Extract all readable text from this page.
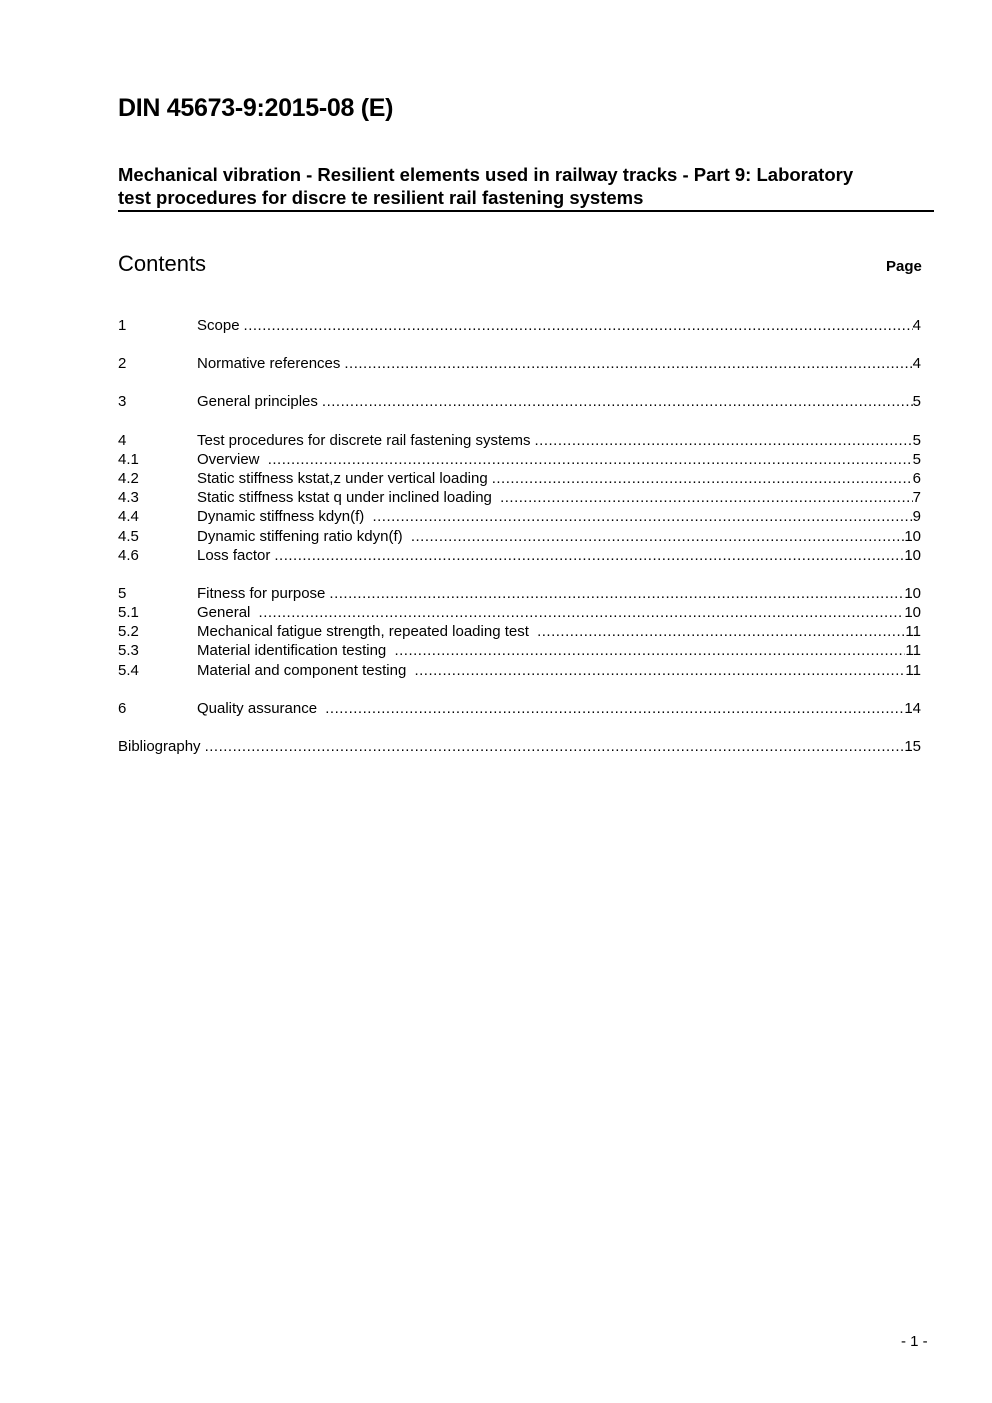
DIN 45673-9:2015-08 (E)

Mechanical vibration - Resilient elements used in railway tracks - Part 9: Laboratory
test procedures for discre te resilient rail fastening systems

Contents	Page
1	Scope .....	4
2	Normative references .....	4
3	General principles .....	5
4	Test procedures for discrete rail fastening systems .....	5
4.1	Overview .....	5
4.2	Static stiffness kstat,z under vertical loading .....	6
4.3	Static stiffness kstat q under inclined loading .....	7
4.4	Dynamic stiffness kdyn(f) .....	9
4.5	Dynamic stiffening ratio kdyn(f) .....	10
4.6	Loss factor .....	10
5	Fitness for purpose .....	10
5.1	General .....	10
5.2	Mechanical fatigue strength, repeated loading test .....	11
5.3	Material identification testing .....	11
5.4	Material and component testing .....	11
6	Quality assurance .....	14
Bibliography .....	15
- 1 -
